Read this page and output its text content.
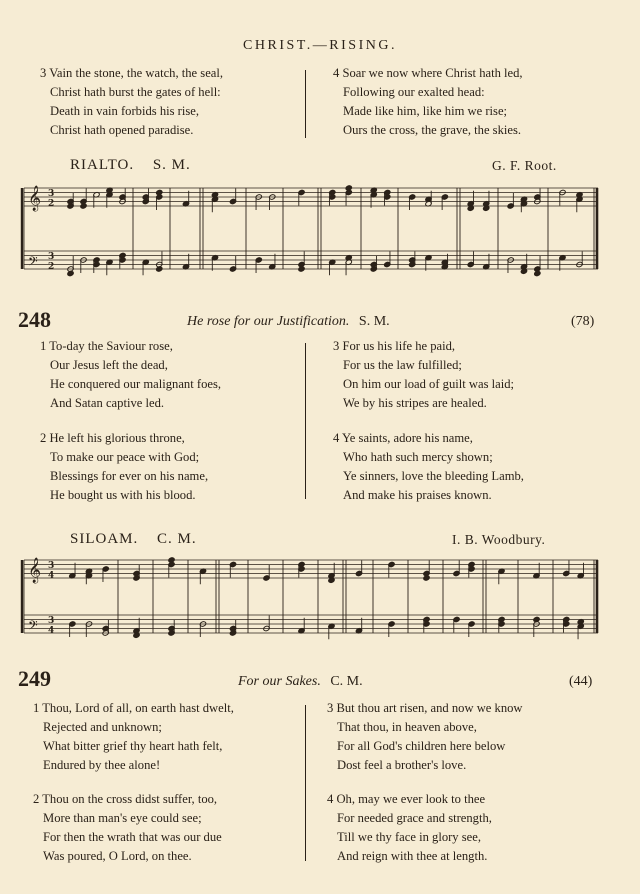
CHRIST.—RISING.
3 Vain the stone, the watch, the seal,
Christ hath burst the gates of hell:
Death in vain forbids his rise,
Christ hath opened paradise.
4 Soar we now where Christ hath led,
Following our exalted head:
Made like him, like him we rise;
Ours the cross, the grave, the skies.
RIALTO. S. M.	G. F. Root.
𝄞 3
2
𝄢 3
2
248	He rose for our Justification. S. M.	(78)
1 To-day the Saviour rose,
Our Jesus left the dead,
He conquered our malignant foes,
And Satan captive led.
3 For us his life he paid,
For us the law fulfilled;
On him our load of guilt was laid;
We by his stripes are healed.
2 He left his glorious throne,
To make our peace with God;
Blessings for ever on his name,
He bought us with his blood.
4 Ye saints, adore his name,
Who hath such mercy shown;
Ye sinners, love the bleeding Lamb,
And make his praises known.
SILOAM. C. M.	I. B. Woodbury.
𝄞 3
4
𝄢 3
4
249	For our Sakes. C. M.	(44)
1 Thou, Lord of all, on earth hast dwelt,
Rejected and unknown;
What bitter grief thy heart hath felt,
Endured by thee alone!
3 But thou art risen, and now we know
That thou, in heaven above,
For all God's children here below
Dost feel a brother's love.
2 Thou on the cross didst suffer, too,
More than man's eye could see;
For then the wrath that was our due
Was poured, O Lord, on thee.
4 Oh, may we ever look to thee
For needed grace and strength,
Till we thy face in glory see,
And reign with thee at length.
